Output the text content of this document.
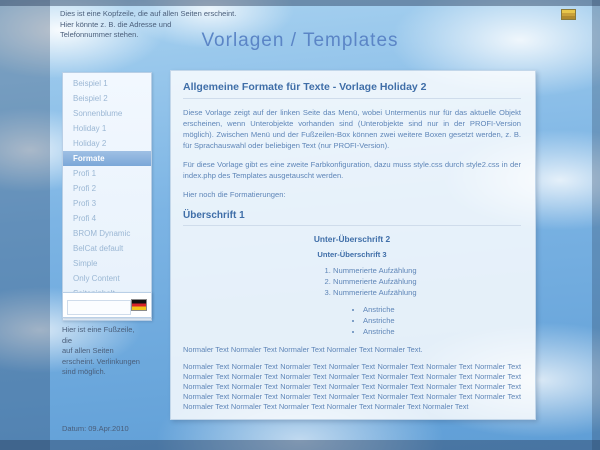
Dies ist eine Kopfzeile, die auf allen Seiten erscheint.
Hier könnte z. B. die Adresse und
Telefonnummer stehen.	Vorlagen / Templates
Beispiel 1
Beispiel 2
Sonnenblume
Holiday 1
Holiday 2
Formate
Profi 1
Profi 2
Profi 3
Profi 4
BROM Dynamic
BelCat default
Simple
Only Content
Hier ist eine Fußzeile, die
auf allen Seiten
erscheint. Verlinkungen
sind möglich.
Datum: 09.Apr.2010
Allgemeine Formate für Texte - Vorlage Holiday 2

Diese Vorlage zeigt auf der linken Seite das Menü, wobei Untermenüs nur für das aktuelle Objekt erscheinen, wenn Unterobjekte vorhanden sind (Unterobjekte sind nur in der PROFI-Version möglich). Zwischen Menü und der Fußzeilen-Box können zwei weitere Boxen gesetzt werden, z. B. für Sprachauswahl oder beliebigen Text (nur PROFI-Version).

Für diese Vorlage gibt es eine zweite Farbkonfiguration, dazu muss style.css durch style2.css in der index.php des Templates ausgetauscht werden.

Hier noch die Formatierungen:

Überschrift 1
Unter-Überschrift 2
Unter-Überschrift 3
1. Nummerierte Aufzählung
2. Nummerierte Aufzählung
3. Nummerierte Aufzählung
• Anstriche
• Anstriche
• Anstriche

Normaler Text Normaler Text Normaler Text Normaler Text Normaler Text.

Normaler Text Normaler Text Normaler Text Normaler Text Normaler Text Normaler Text Normaler Text Normaler Text Normaler Text Normaler Text Normaler Text Normaler Text Normaler Text Normaler Text Normaler Text Normaler Text Normaler Text Normaler Text Normaler Text Normaler Text Normaler Text Normaler Text Normaler Text Normaler Text Normaler Text Normaler Text Normaler Text Normaler Text Normaler Text Normaler Text Normaler Text Normaler Text Normaler Text Normaler Text
